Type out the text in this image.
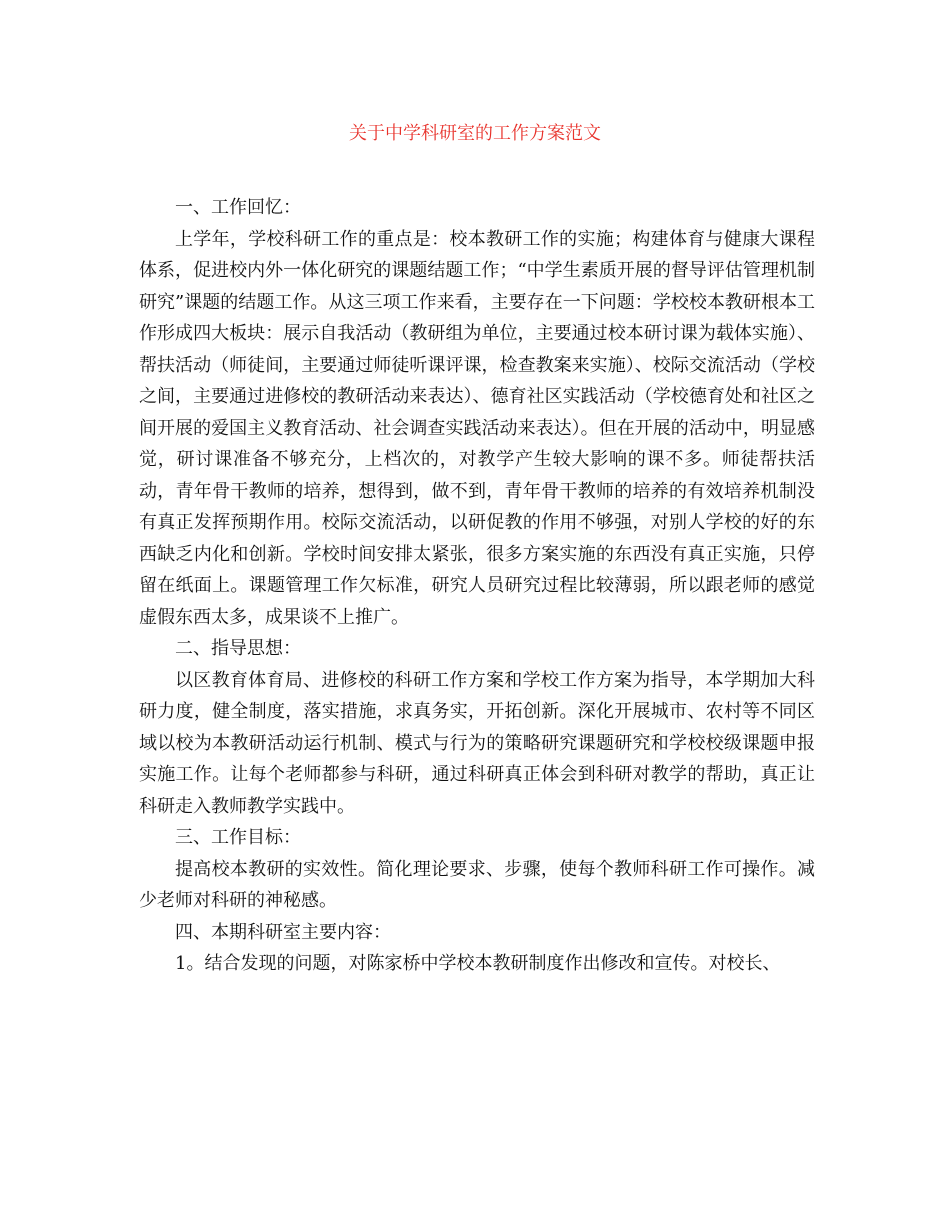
关于中学科研室的工作方案范文

一、工作回忆：

上学年，学校科研工作的重点是：校本教研工作的实施；构建体育与健康大课程体系，促进校内外一体化研究的课题结题工作；“中学生素质开展的督导评估管理机制研究”课题的结题工作。从这三项工作来看，主要存在一下问题：学校校本教研根本工作形成四大板块：展示自我活动（教研组为单位，主要通过校本研讨课为载体实施）、帮扶活动（师徒间，主要通过师徒听课评课，检查教案来实施）、校际交流活动（学校之间，主要通过进修校的教研活动来表达）、德育社区实践活动（学校德育处和社区之间开展的爱国主义教育活动、社会调查实践活动来表达）。但在开展的活动中，明显感觉，研讨课准备不够充分，上档次的，对教学产生较大影响的课不多。师徒帮扶活动，青年骨干教师的培养，想得到，做不到，青年骨干教师的培养的有效培养机制没有真正发挥预期作用。校际交流活动，以研促教的作用不够强，对别人学校的好的东西缺乏内化和创新。学校时间安排太紧张，很多方案实施的东西没有真正实施，只停留在纸面上。课题管理工作欠标准，研究人员研究过程比较薄弱，所以跟老师的感觉虚假东西太多，成果谈不上推广。

二、指导思想：

以区教育体育局、进修校的科研工作方案和学校工作方案为指导，本学期加大科研力度，健全制度，落实措施，求真务实，开拓创新。深化开展城市、农村等不同区域以校为本教研活动运行机制、模式与行为的策略研究课题研究和学校校级课题申报实施工作。让每个老师都参与科研，通过科研真正体会到科研对教学的帮助，真正让科研走入教师教学实践中。

三、工作目标：

提高校本教研的实效性。简化理论要求、步骤，使每个教师科研工作可操作。减少老师对科研的神秘感。

四、本期科研室主要内容：

1。结合发现的问题，对陈家桥中学校本教研制度作出修改和宣传。对校长、
